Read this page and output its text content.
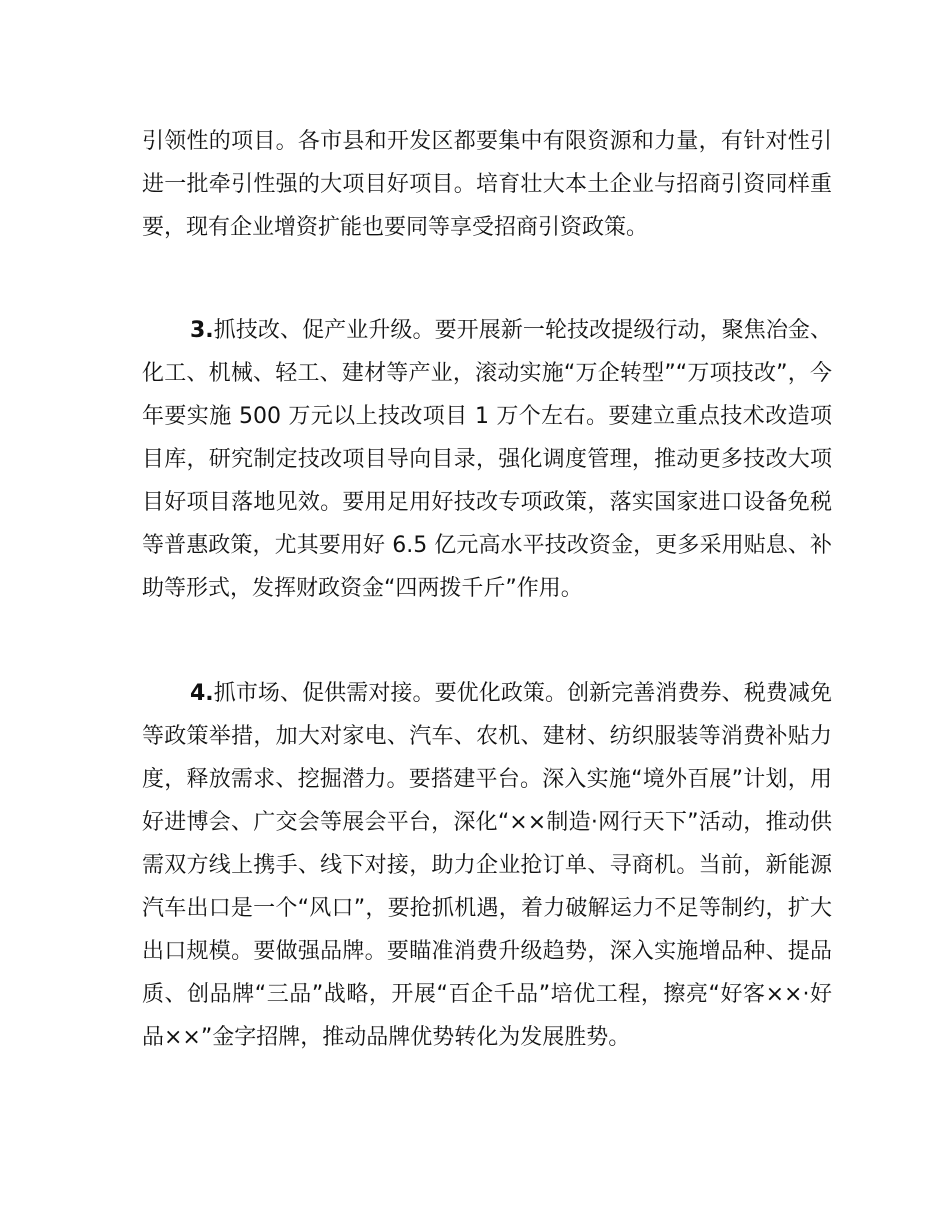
引领性的项目。各市县和开发区都要集中有限资源和力量，有针对性引进一批牵引性强的大项目好项目。培育壮大本土企业与招商引资同样重要，现有企业增资扩能也要同等享受招商引资政策。

3.抓技改、促产业升级。要开展新一轮技改提级行动，聚焦冶金、化工、机械、轻工、建材等产业，滚动实施“万企转型”“万项技改”，今年要实施 500 万元以上技改项目 1 万个左右。要建立重点技术改造项目库，研究制定技改项目导向目录，强化调度管理，推动更多技改大项目好项目落地见效。要用足用好技改专项政策，落实国家进口设备免税等普惠政策，尤其要用好 6.5 亿元高水平技改资金，更多采用贴息、补助等形式，发挥财政资金“四两拨千斤”作用。

4.抓市场、促供需对接。要优化政策。创新完善消费券、税费减免等政策举措，加大对家电、汽车、农机、建材、纺织服装等消费补贴力度，释放需求、挖掘潜力。要搭建平台。深入实施“境外百展”计划，用好进博会、广交会等展会平台，深化“××制造·网行天下”活动，推动供需双方线上携手、线下对接，助力企业抢订单、寻商机。当前，新能源汽车出口是一个“风口”，要抢抓机遇，着力破解运力不足等制约，扩大出口规模。要做强品牌。要瞄准消费升级趋势，深入实施增品种、提品质、创品牌“三品”战略，开展“百企千品”培优工程，擦亮“好客××·好品××”金字招牌，推动品牌优势转化为发展胜势。
